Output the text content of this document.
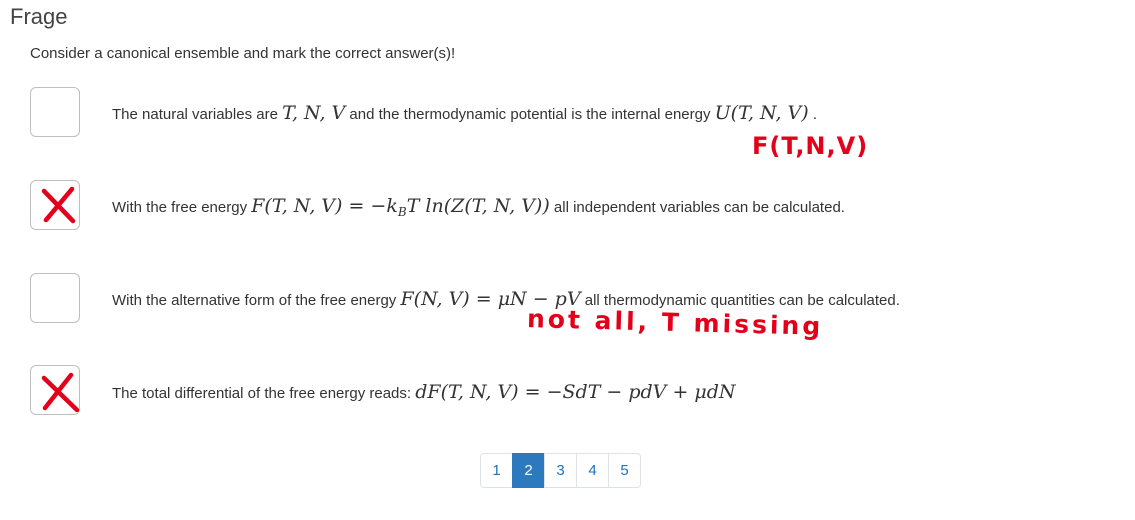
Frage
Consider a canonical ensemble and mark the correct answer(s)!
The natural variables are T, N, V and the thermodynamic potential is the internal energy U(T, N, V) .
F(T,N,V)
With the free energy F(T, N, $V) = -k_BT$ ln(Z(T, N, V)) all independent variables can be calculated.
With the alternative form of the free energy F(N, V) = μN − pV all thermodynamic quantities can be calculated.
not all, T missing
The total differential of the free energy reads: dF(T, N, V) = −SdT − pdV + μdN
1	2	3	4	5
